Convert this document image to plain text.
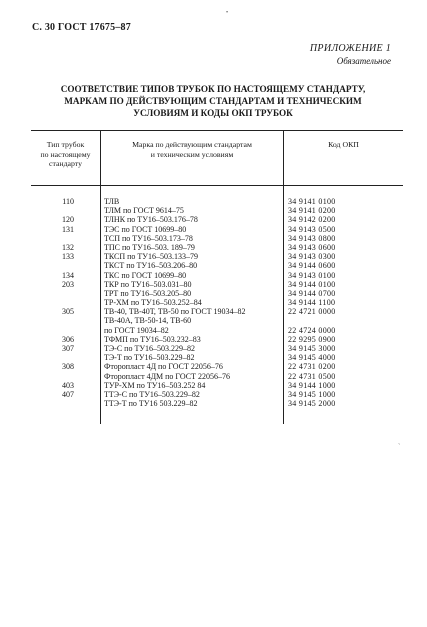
С. 30 ГОСТ 17675–87
•
ПРИЛОЖЕНИЕ 1
Обязательное
СООТВЕТСТВИЕ ТИПОВ ТРУБОК ПО НАСТОЯЩЕМУ СТАНДАРТУ,
МАРКАМ ПО ДЕЙСТВУЮЩИМ СТАНДАРТАМ И ТЕХНИЧЕСКИМ
УСЛОВИЯМ И КОДЫ ОКП ТРУБОК
Тип трубок
по настоящему
стандарту
Марка по действующим стандартам
и техническим условиям
Код ОКП
110	ТЛВ	34 9141 0100
ТЛМ по ГОСТ 9614–75	34 9141 0200
120	ТЛНК по ТУ16–503.176–78	34 9142 0200
131	ТЭС по ГОСТ 10699–80	34 9143 0500
ТСП по ТУ16–503.173–78	34 9143 0800
132	ТПС по ТУ16–503. 189–79	34 9143 0600
133	ТКСП по ТУ16–503.133–79	34 9143 0300
ТКСТ по ТУ16–503.206–80	34 9144 0600
134	ТКС по ГОСТ 10699–80	34 9143 0100
203	ТКР по ТУ16–503.031–80	34 9144 0100
ТРТ по ТУ16–503.205–80	34 9144 0700
ТР-ХМ по ТУ16–503.252–84	34 9144 1100
305	ТВ-40, ТВ-40Т, ТВ-50 по ГОСТ 19034–82	22 4721 0000
ТВ-40А, ТВ-50-14, ТВ-60
по ГОСТ 19034–82	22 4724 0000
306	ТФМП по ТУ16–503.232–83	22 9295 0900
307	ТЭ-С по ТУ16–503.229–82	34 9145 3000
ТЭ-Т по ТУ16–503.229–82	34 9145 4000
308	Фторопласт 4Д по ГОСТ 22056–76	22 4731 0200
Фторопласт 4ДМ по ГОСТ 22056–76	22 4731 0500
403	ТУР-ХМ по ТУ16–503.252 84	34 9144 1000
407	ТТЭ-С по ТУ16–503.229–82	34 9145 1000
ТТЭ-Т по ТУ16 503.229–82	34 9145 2000
ˎ
